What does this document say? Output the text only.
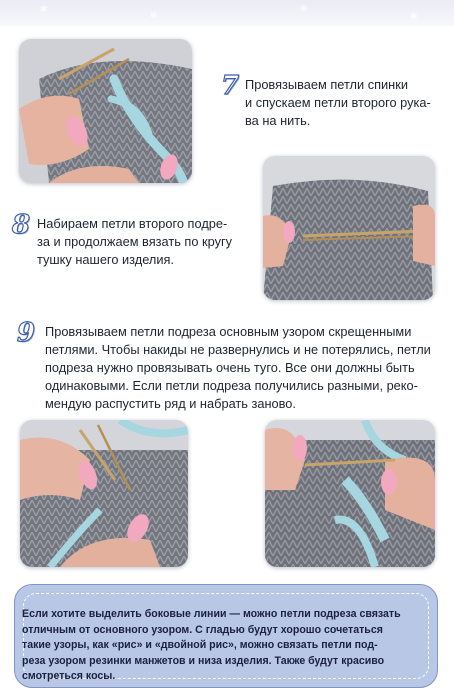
✻
✻
✻
✻
7 Провязываем петли спинки

и спускаем петли второго рука-

ва на нить.

8 Набираем петли второго подре-

за и продолжаем вязать по кругу

тушку нашего изделия.

9 Провязываем петли подреза основным узором скрещенными

петлями. Чтобы накиды не развернулись и не потерялись, петли

подреза нужно провязывать очень туго. Все они должны быть

одинаковыми. Если петли подреза получились разными, реко-

мендую распустить ряд и набрать заново.

Если хотите выделить боковые линии — можно петли подреза связать
отличным от основного узором. С гладью будут хорошо сочетаться
такие узоры, как «рис» и «двойной рис», можно связать петли под-
реза узором резинки манжетов и низа изделия. Также будут красиво
смотреться косы.
